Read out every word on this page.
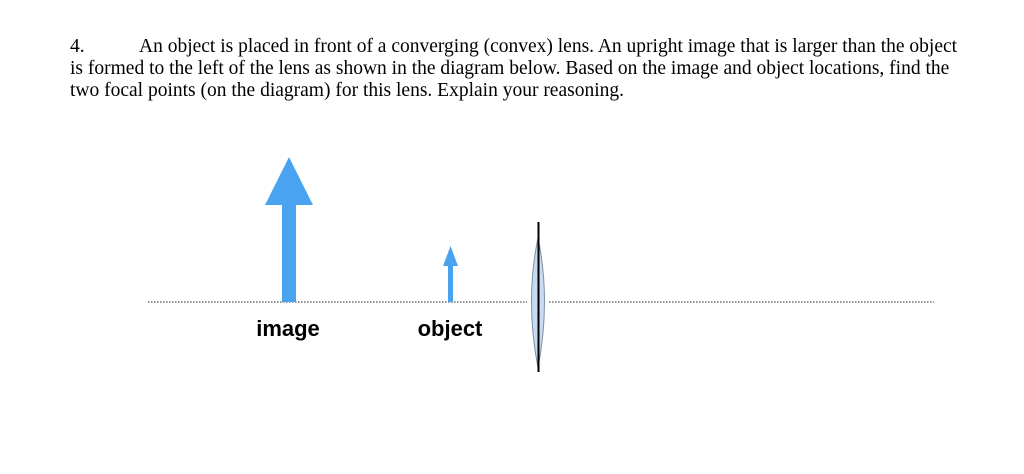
4.	An object is placed in front of a converging (convex) lens. An upright image that is larger than the object is formed to the left of the lens as shown in the diagram below. Based on the image and object locations, find the two focal points (on the diagram) for this lens. Explain your reasoning.
image	object
